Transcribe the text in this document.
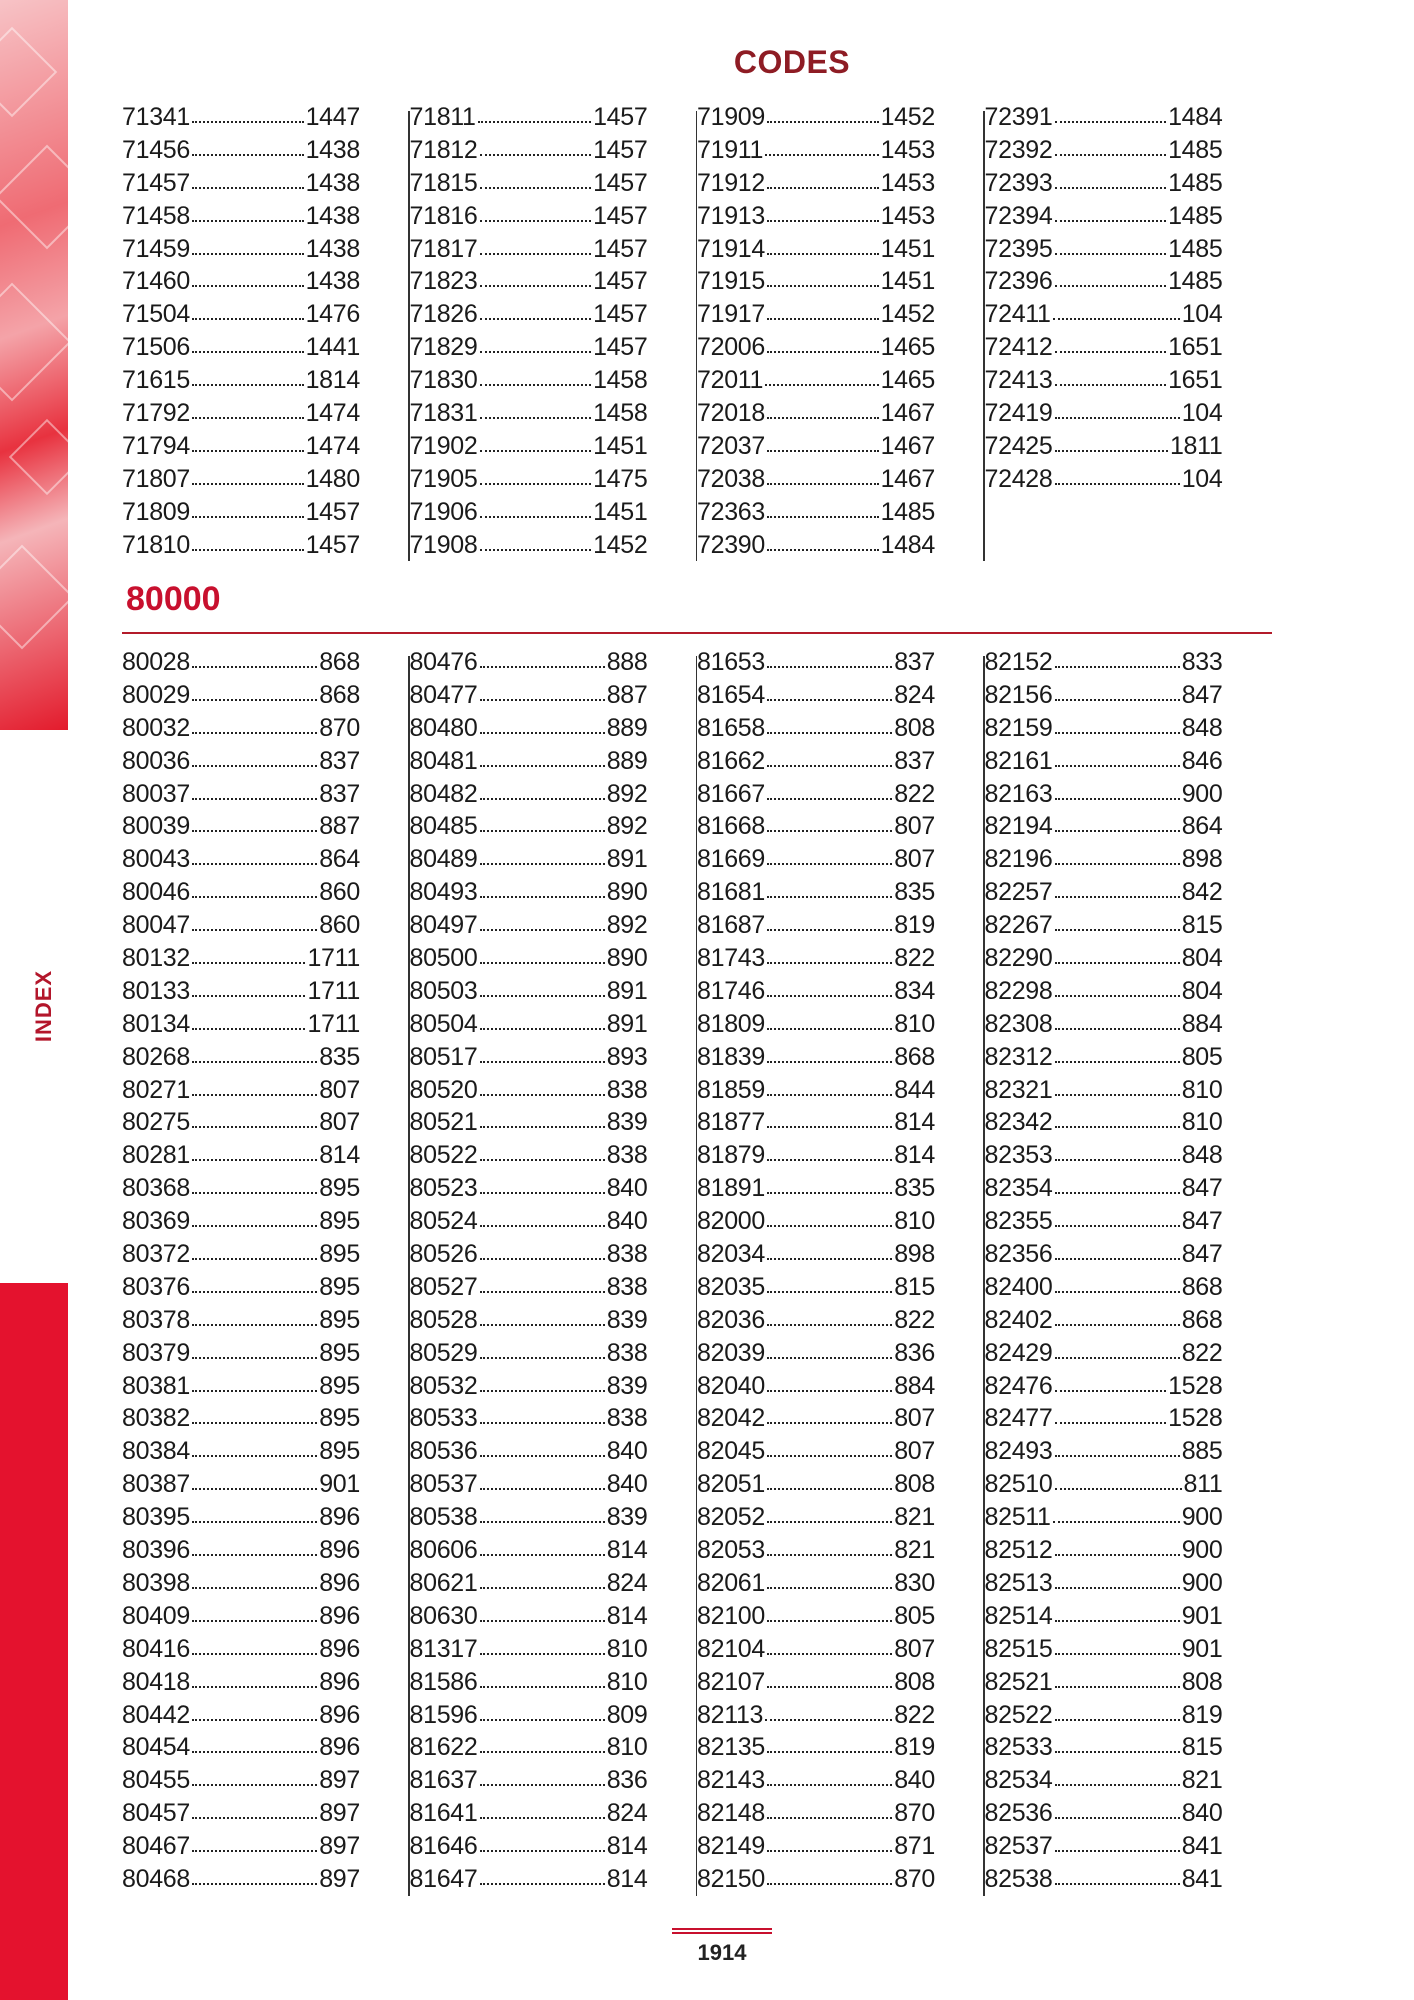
INDEX
CODES
71341	1447
71456	1438
71457	1438
71458	1438
71459	1438
71460	1438
71504	1476
71506	1441
71615	1814
71792	1474
71794	1474
71807	1480
71809	1457
71810	1457
71811	1457
71812	1457
71815	1457
71816	1457
71817	1457
71823	1457
71826	1457
71829	1457
71830	1458
71831	1458
71902	1451
71905	1475
71906	1451
71908	1452
71909	1452
71911	1453
71912	1453
71913	1453
71914	1451
71915	1451
71917	1452
72006	1465
72011	1465
72018	1467
72037	1467
72038	1467
72363	1485
72390	1484
72391	1484
72392	1485
72393	1485
72394	1485
72395	1485
72396	1485
72411	104
72412	1651
72413	1651
72419	104
72425	1811
72428	104
80000
80028	868
80029	868
80032	870
80036	837
80037	837
80039	887
80043	864
80046	860
80047	860
80132	1711
80133	1711
80134	1711
80268	835
80271	807
80275	807
80281	814
80368	895
80369	895
80372	895
80376	895
80378	895
80379	895
80381	895
80382	895
80384	895
80387	901
80395	896
80396	896
80398	896
80409	896
80416	896
80418	896
80442	896
80454	896
80455	897
80457	897
80467	897
80468	897
80476	888
80477	887
80480	889
80481	889
80482	892
80485	892
80489	891
80493	890
80497	892
80500	890
80503	891
80504	891
80517	893
80520	838
80521	839
80522	838
80523	840
80524	840
80526	838
80527	838
80528	839
80529	838
80532	839
80533	838
80536	840
80537	840
80538	839
80606	814
80621	824
80630	814
81317	810
81586	810
81596	809
81622	810
81637	836
81641	824
81646	814
81647	814
81653	837
81654	824
81658	808
81662	837
81667	822
81668	807
81669	807
81681	835
81687	819
81743	822
81746	834
81809	810
81839	868
81859	844
81877	814
81879	814
81891	835
82000	810
82034	898
82035	815
82036	822
82039	836
82040	884
82042	807
82045	807
82051	808
82052	821
82053	821
82061	830
82100	805
82104	807
82107	808
82113	822
82135	819
82143	840
82148	870
82149	871
82150	870
82152	833
82156	847
82159	848
82161	846
82163	900
82194	864
82196	898
82257	842
82267	815
82290	804
82298	804
82308	884
82312	805
82321	810
82342	810
82353	848
82354	847
82355	847
82356	847
82400	868
82402	868
82429	822
82476	1528
82477	1528
82493	885
82510	811
82511	900
82512	900
82513	900
82514	901
82515	901
82521	808
82522	819
82533	815
82534	821
82536	840
82537	841
82538	841
1914
